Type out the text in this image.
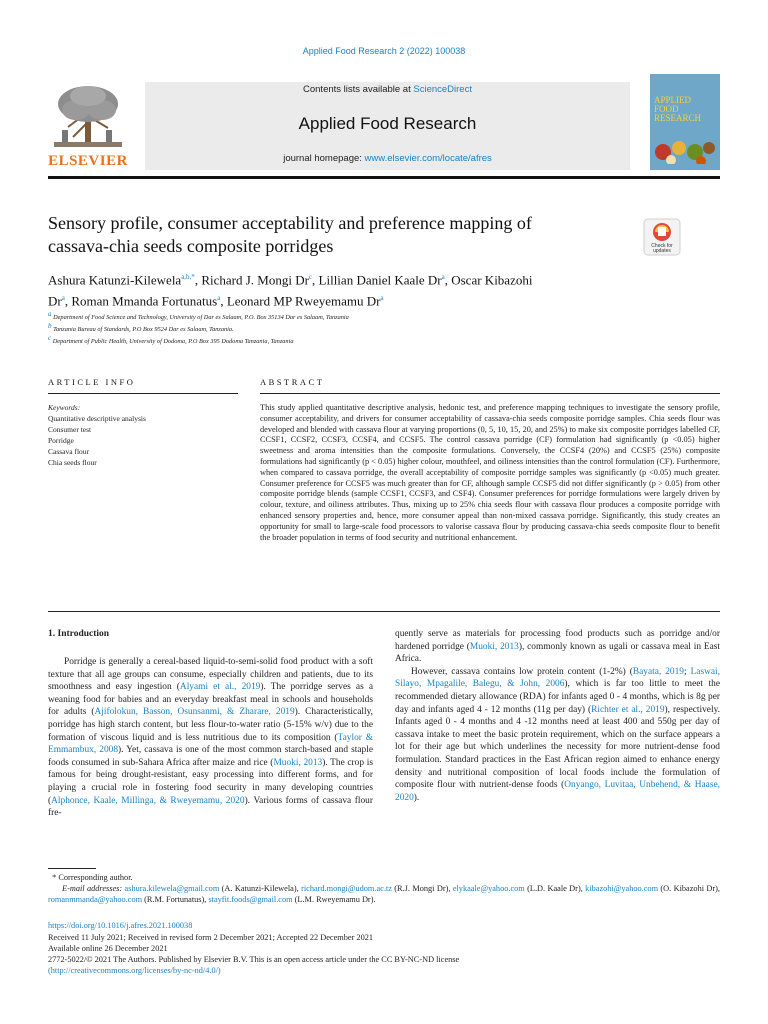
Applied Food Research 2 (2022) 100038
ELSEVIER
Contents lists available at ScienceDirect
Applied Food Research
journal homepage: www.elsevier.com/locate/afres
APPLIED
FOOD
RESEARCH
Sensory profile, consumer acceptability and preference mapping of
cassava-chia seeds composite porridges	Check for
updates
Ashura Katunzi-Kilewela$^{a,b,*}$, Richard J. Mongi Dr$^c$, Lillian Daniel Kaale Dr$^a$, Oscar Kibazohi
Dr$^a$, Roman Mmanda Fortunatus$^a$, Leonard MP Rweyemamu Dr$^a$
$^a$ Department of Food Science and Technology, University of Dar es Salaam, P.O. Box 35134 Dar es Salaam, Tanzania
$^b$ Tanzania Bureau of Standards, P.O Box 9524 Dar es Salaam, Tanzania.
$^c$ Department of Public Health, University of Dodoma, P.O Box 395 Dodoma Tanzania, Tanzania
ARTICLE INFO	ABSTRACT
Keywords:
Quantitative descriptive analysis
Consumer test
Porridge
Cassava flour
Chia seeds flour
This study applied quantitative descriptive analysis, hedonic test, and preference mapping techniques to investigate the sensory profile, consumer acceptability, and drivers for consumer acceptability of cassava-chia seeds composite porridge samples. Chia seeds flour was developed and blended with cassava flour at varying proportions (0, 5, 10, 15, 20, and 25%) to make six composite porridges labelled CF, CCSF1, CCSF2, CCSF3, CCSF4, and CCSF5. The control cassava porridge (CF) formulation had significantly (p <0.05) higher sweetness and aroma intensities than the composite formulations. Conversely, the CCSF4 (20%) and CCSF5 (25%) composite formulations had significantly (p < 0.05) higher colour, mouthfeel, and oiliness intensities than the control formulation (CF). Furthermore, when compared to cassava porridge, the overall acceptability of composite porridge samples was significantly (p <0.05) much greater. Consumer preference for CCSF5 was much greater than for CF, although sample CCSF5 did not differ significantly (p > 0.05) from other composite porridge blends (sample CCSF1, CCSF3, and CSF4). Consumer preferences for porridge formulations were largely driven by colour, texture, and oiliness attributes. Thus, mixing up to 25% chia seeds flour with cassava flour produces a composite porridge with enhanced sensory properties and, hence, more consumer appeal than non-mixed cassava porridge. Significantly, this study creates an opportunity for small to large-scale food processors to valorise cassava flour by producing cassava-chia seeds composite flour to benefit the broader population in terms of food security and nutritional enhancement.
1. Introduction

Porridge is generally a cereal-based liquid-to-semi-solid food product with a soft texture that all age groups can consume, especially children and patients, due to its smoothness and easy ingestion (Alyami et al., 2019). The porridge serves as a weaning food for babies and an everyday breakfast meal in schools and households for adults (Ajifolokun, Basson, Osunsanmi, & Zharare, 2019). Characteristically, porridge has high starch content, but less flour-to-water ratio (5-15% w/v) due to the formation of viscous liquid and is less nutritious due to its composition (Taylor & Emmambux, 2008). Yet, cassava is one of the most common starch-based and staple foods consumed in sub-Sahara Africa after maize and rice (Muoki, 2013). The crop is famous for being drought-resistant, easy processing into different forms, and for playing a crucial role in fostering food security in many developing countries (Alphonce, Kaale, Millinga, & Rweyemamu, 2020). Various forms of cassava flour fre-

quently serve as materials for processing food products such as porridge and/or hardened porridge (Muoki, 2013), commonly known as ugali or cassava meal in East Africa.

However, cassava contains low protein content (1-2%) (Bayata, 2019; Laswai, Silayo, Mpagalile, Balegu, & John, 2006), which is far too little to meet the recommended dietary allowance (RDA) for infants aged 0 - 4 months, which is 8g per day and infants aged 4 - 12 months (11g per day) (Richter et al., 2019), respectively. Infants aged 0 - 4 months and 4 -12 months need at least 400 and 550g per day of cassava intake to meet the basic protein requirement, which on the surface appears a lot for their age but which underlines the necessity for more nutrient-dense food formulation. Standard practices in the East African region aimed to enhance energy density and nutritional composition of local foods include the formulation of composite flour with nutrient-dense foods (Onyango, Luvitaa, Unbehend, & Haase, 2020).

* Corresponding author.
E-mail addresses: ashura.kilewela@gmail.com (A. Katunzi-Kilewela), richard.mongi@udom.ac.tz (R.J. Mongi Dr), elykaale@yahoo.com (L.D. Kaale Dr), kibazohi@yahoo.com (O. Kibazohi Dr), romanmmanda@yahoo.com (R.M. Fortunatus), stayfit.foods@gmail.com (L.M. Rweyemamu Dr).
https://doi.org/10.1016/j.afres.2021.100038
Received 11 July 2021; Received in revised form 2 December 2021; Accepted 22 December 2021
Available online 26 December 2021
2772-5022/© 2021 The Authors. Published by Elsevier B.V. This is an open access article under the CC BY-NC-ND license
(http://creativecommons.org/licenses/by-nc-nd/4.0/)
